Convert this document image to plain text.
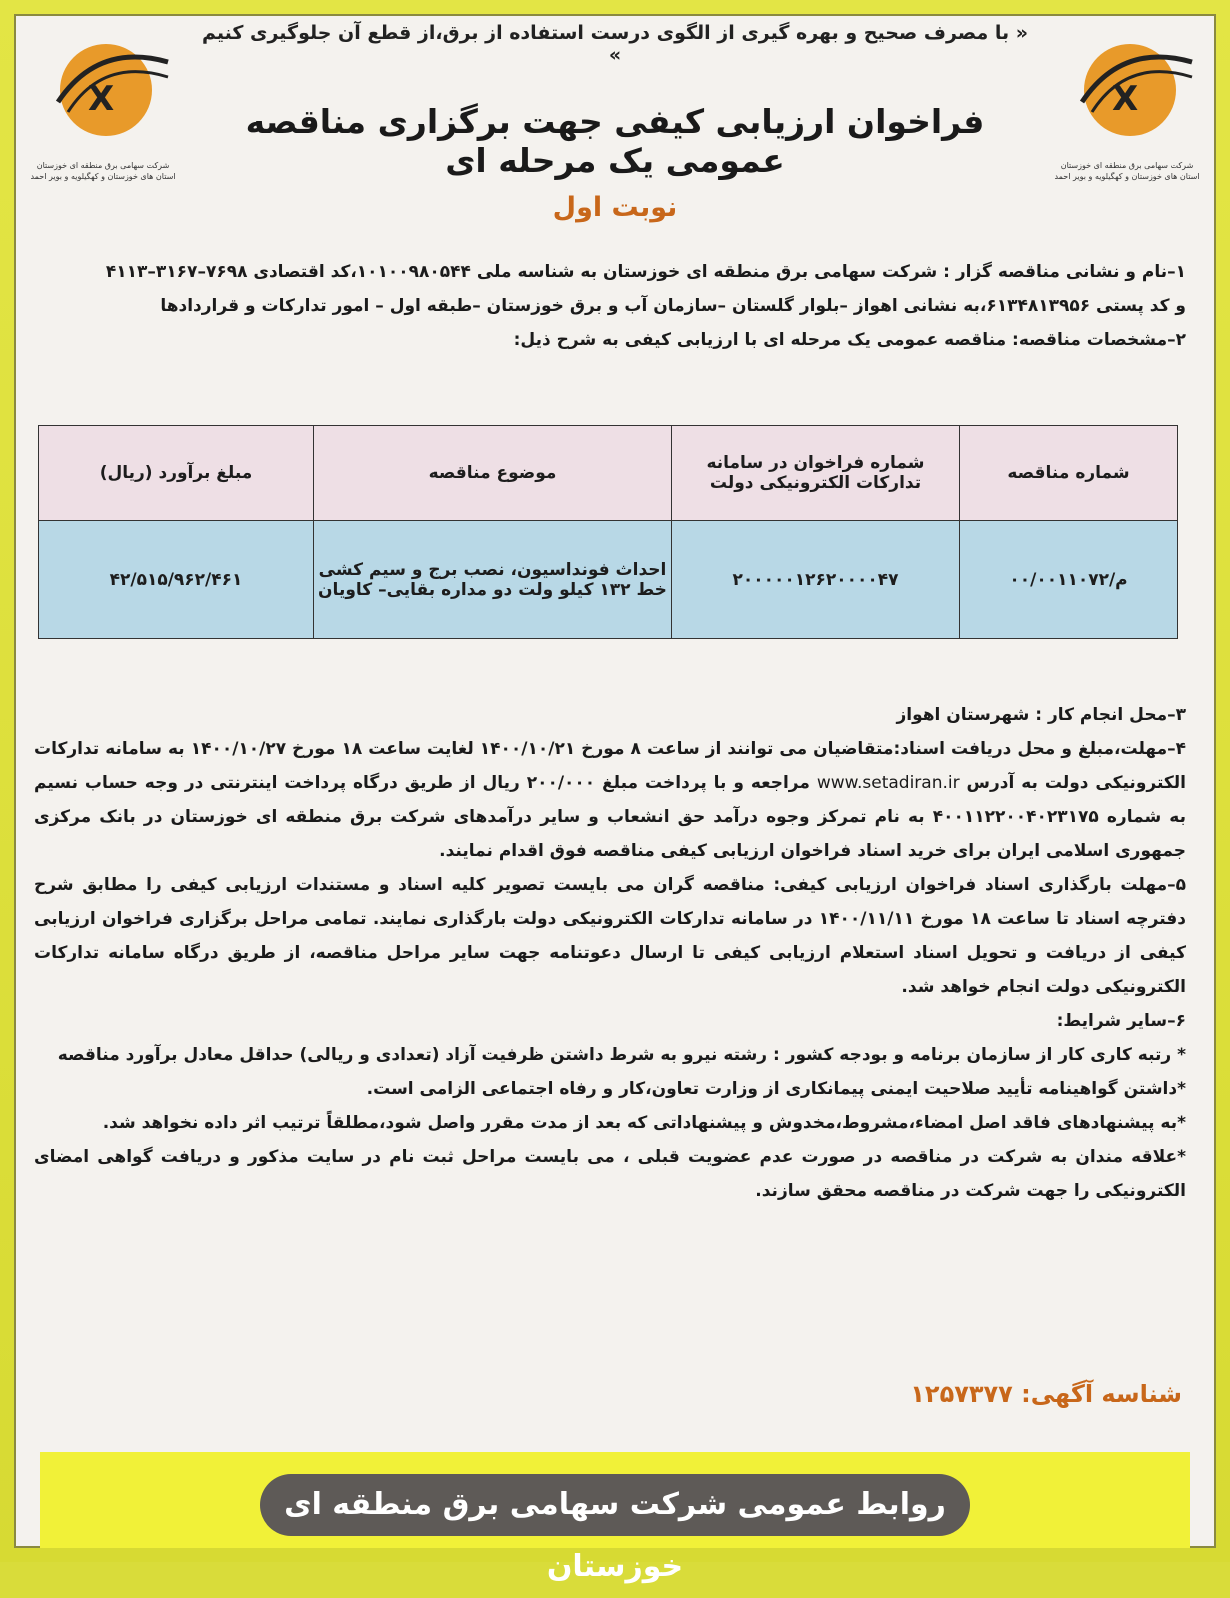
X
شرکت سهامی برق منطقه ای خوزستان
استان های خوزستان و کهگیلویه و بویر احمد
X
شرکت سهامی برق منطقه ای خوزستان
استان های خوزستان و کهگیلویه و بویر احمد
« با مصرف صحیح و بهره گیری از الگوی درست استفاده از برق،از قطع آن جلوگیری کنیم »
فراخوان ارزیابی کیفی جهت برگزاری مناقصه عمومی یک مرحله ای
نوبت اول
۱–نام و نشانی مناقصه گزار : شرکت سهامی برق منطقه ای خوزستان به شناسه ملی ۱۰۱۰۰۹۸۰۵۴۴،کد اقتصادی ۷۶۹۸–۳۱۶۷–۴۱۱۳
و کد پستی ۶۱۳۴۸۱۳۹۵۶،به نشانی اهواز –بلوار گلستان –سازمان آب و برق خوزستان –طبقه اول – امور تدارکات و قراردادها
۲–مشخصات مناقصه: مناقصه عمومی یک مرحله ای با ارزیابی کیفی به شرح ذیل:
شماره مناقصه	شماره فراخوان در سامانه تدارکات الکترونیکی دولت	موضوع مناقصه	مبلغ برآورد (ریال)
م/۰۰/۰۰۱۱۰۷۲	۲۰۰۰۰۰۱۲۶۲۰۰۰۰۴۷	احداث فونداسیون، نصب برج و سیم کشی خط ۱۳۲ کیلو ولت دو مداره بقایی– کاویان	۴۲/۵۱۵/۹۶۲/۴۶۱
۳–محل انجام کار : شهرستان اهواز
۴–مهلت،مبلغ و محل دریافت اسناد:متقاضیان می توانند از ساعت ۸ مورخ ۱۴۰۰/۱۰/۲۱ لغایت ساعت ۱۸ مورخ ۱۴۰۰/۱۰/۲۷ به سامانه تدارکات الکترونیکی دولت به آدرس www.setadiran.ir مراجعه و با پرداخت مبلغ ۲۰۰/۰۰۰ ریال از طریق درگاه پرداخت اینترنتی در وجه حساب نسیم به شماره ۴۰۰۱۱۲۲۰۰۴۰۲۳۱۷۵ به نام تمرکز وجوه درآمد حق انشعاب و سایر درآمدهای شرکت برق منطقه ای خوزستان در بانک مرکزی جمهوری اسلامی ایران برای خرید اسناد فراخوان ارزیابی کیفی مناقصه فوق اقدام نمایند.
۵–مهلت بارگذاری اسناد فراخوان ارزیابی کیفی: مناقصه گران می بایست تصویر کلیه اسناد و مستندات ارزیابی کیفی را مطابق شرح دفترچه اسناد تا ساعت ۱۸ مورخ ۱۴۰۰/۱۱/۱۱ در سامانه تدارکات الکترونیکی دولت بارگذاری نمایند. تمامی مراحل برگزاری فراخوان ارزیابی کیفی از دریافت و تحویل اسناد استعلام ارزیابی کیفی تا ارسال دعوتنامه جهت سایر مراحل مناقصه، از طریق درگاه سامانه تدارکات الکترونیکی دولت انجام خواهد شد.
۶–سایر شرایط:
* رتبه کاری کار از سازمان برنامه و بودجه کشور : رشته نیرو به شرط داشتن ظرفیت آزاد (تعدادی و ریالی) حداقل معادل برآورد مناقصه
*داشتن گواهینامه تأیید صلاحیت ایمنی پیمانکاری از وزارت تعاون،کار و رفاه اجتماعی الزامی است.
*به پیشنهادهای فاقد اصل امضاء،مشروط،مخدوش و پیشنهاداتی که بعد از مدت مقرر واصل شود،مطلقاً ترتیب اثر داده نخواهد شد.
*علاقه مندان به شرکت در مناقصه در صورت عدم عضویت قبلی ، می بایست مراحل ثبت نام در سایت مذکور و دریافت گواهی امضای الکترونیکی را جهت شرکت در مناقصه محقق سازند.
شناسه آگهی: ۱۲۵۷۳۷۷
روابط عمومی شرکت سهامی برق منطقه ای خوزستان
